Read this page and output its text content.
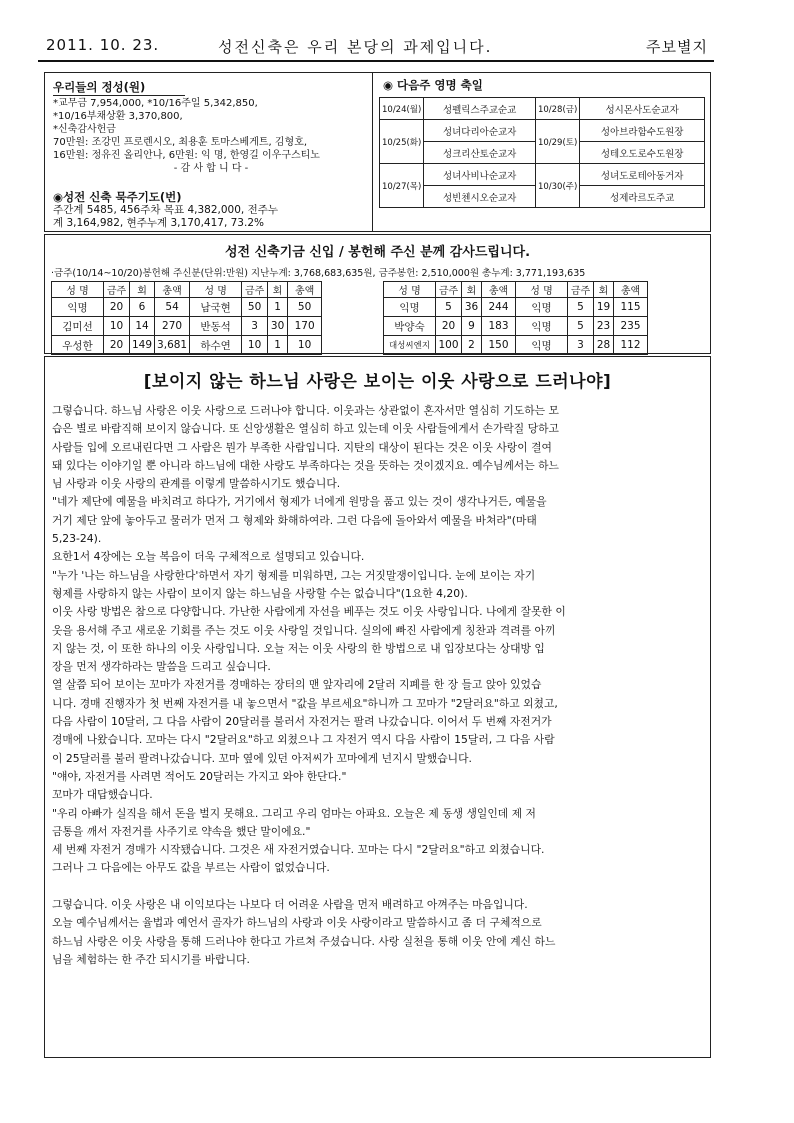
2011. 10. 23.	성전신축은 우리 본당의 과제입니다.	주보별지
우리들의 정성(원)
*교무금 7,954,000, *10/16주일 5,342,850,
*10/16부채상환 3,370,800,
*신축감사헌금
70만원: 조강민 프로렌시오, 최용훈 토마스베게트, 김형호,
16만원: 정유진 올리안나, 6만원: 익 명, 한영길 이우구스티노
- 감 사 합 니 다 -
◉성전 신축 묵주기도(번)
주간계 5485, 456주차 목표 4,382,000, 전주누
계 3,164,982, 현주누계 3,170,417, 73.2%
◉ 다음주 영명 축일
10/24(월)	성펠릭스주교순교	10/28(금)	성시몬사도순교자
10/25(화)	성녀다리아순교자	10/29(토)	성아브라함수도원장
	성크리산토순교자		성테오도로수도원장
10/27(목)	성녀사비나순교자	10/30(주)	성녀도로테아동거자
	성빈첸시오순교자		성제라르도주교
성전 신축기금 신입 / 봉헌해 주신 분께 감사드립니다.
·금주(10/14~10/20)봉헌해 주신분(단위:만원) 지난누계: 3,768,683,635원, 금주봉헌: 2,510,000원 총누계: 3,771,193,635
성 명	금주	회	총액	성 명	금주	회	총액
익명	20	6	54	남국현	50	1	50
김미선	10	14	270	반동석	3	30	170
우성한	20	149	3,681	하수연	10	1	10
성 명	금주	회	총액	성 명	금주	회	총액
익명	5	36	244	익명	5	19	115
박양숙	20	9	183	익명	5	23	235
대성씨엔지	100	2	150	익명	3	28	112
[보이지 않는 하느님 사랑은 보이는 이웃 사랑으로 드러나야]

그렇습니다. 하느님 사랑은 이웃 사랑으로 드러나야 합니다. 이웃과는 상관없이 혼자서만 열심히 기도하는 모

습은 별로 바람직해 보이지 않습니다. 또 신앙생활은 열심히 하고 있는데 이웃 사람들에게서 손가락질 당하고

사람들 입에 오르내린다면 그 사람은 뭔가 부족한 사람입니다. 지탄의 대상이 된다는 것은 이웃 사랑이 결여

돼 있다는 이야기일 뿐 아니라 하느님에 대한 사랑도 부족하다는 것을 뜻하는 것이겠지요. 예수님께서는 하느

님 사랑과 이웃 사랑의 관계를 이렇게 말씀하시기도 했습니다.

"네가 제단에 예물을 바치려고 하다가, 거기에서 형제가 너에게 원망을 품고 있는 것이 생각나거든, 예물을

거기 제단 앞에 놓아두고 물러가 먼저 그 형제와 화해하여라. 그런 다음에 돌아와서 예물을 바쳐라"(마태

5,23-24).

요한1서 4장에는 오늘 복음이 더욱 구체적으로 설명되고 있습니다.

"누가 '나는 하느님을 사랑한다'하면서 자기 형제를 미워하면, 그는 거짓말쟁이입니다. 눈에 보이는 자기

형제를 사랑하지 않는 사람이 보이지 않는 하느님을 사랑할 수는 없습니다"(1요한 4,20).

이웃 사랑 방법은 참으로 다양합니다. 가난한 사람에게 자선을 베푸는 것도 이웃 사랑입니다. 나에게 잘못한 이

웃을 용서해 주고 새로운 기회를 주는 것도 이웃 사랑일 것입니다. 실의에 빠진 사람에게 칭찬과 격려를 아끼

지 않는 것, 이 또한 하나의 이웃 사랑입니다. 오늘 저는 이웃 사랑의 한 방법으로 내 입장보다는 상대방 입

장을 먼저 생각하라는 말씀을 드리고 싶습니다.

열 살쯤 되어 보이는 꼬마가 자전거를 경매하는 장터의 맨 앞자리에 2달러 지폐를 한 장 들고 앉아 있었습

니다. 경매 진행자가 첫 번째 자전거를 내 놓으면서 "값을 부르세요"하니까 그 꼬마가 "2달러요"하고 외쳤고,

다음 사람이 10달러, 그 다음 사람이 20달러를 불러서 자전거는 팔려 나갔습니다. 이어서 두 번째 자전거가

경매에 나왔습니다. 꼬마는 다시 "2달러요"하고 외쳤으나 그 자전거 역시 다음 사람이 15달러, 그 다음 사람

이 25달러를 불러 팔려나갔습니다. 꼬마 옆에 있던 아저씨가 꼬마에게 넌지시 말했습니다.

"얘야, 자전거를 사려면 적어도 20달러는 가지고 와야 한단다."

꼬마가 대답했습니다.

"우리 아빠가 실직을 해서 돈을 벌지 못해요. 그리고 우리 엄마는 아파요. 오늘은 제 동생 생일인데 제 저

금통을 깨서 자전거를 사주기로 약속을 했단 말이에요."

세 번째 자전거 경매가 시작됐습니다. 그것은 새 자전거였습니다. 꼬마는 다시 "2달러요"하고 외쳤습니다.

그러나 그 다음에는 아무도 값을 부르는 사람이 없었습니다.

그렇습니다. 이웃 사랑은 내 이익보다는 나보다 더 어려운 사람을 먼저 배려하고 아껴주는 마음입니다.

오늘 예수님께서는 율법과 예언서 골자가 하느님의 사랑과 이웃 사랑이라고 말씀하시고 좀 더 구체적으로

하느님 사랑은 이웃 사랑을 통해 드러나야 한다고 가르쳐 주셨습니다. 사랑 실천을 통해 이웃 안에 계신 하느

님을 체험하는 한 주간 되시기를 바랍니다.
